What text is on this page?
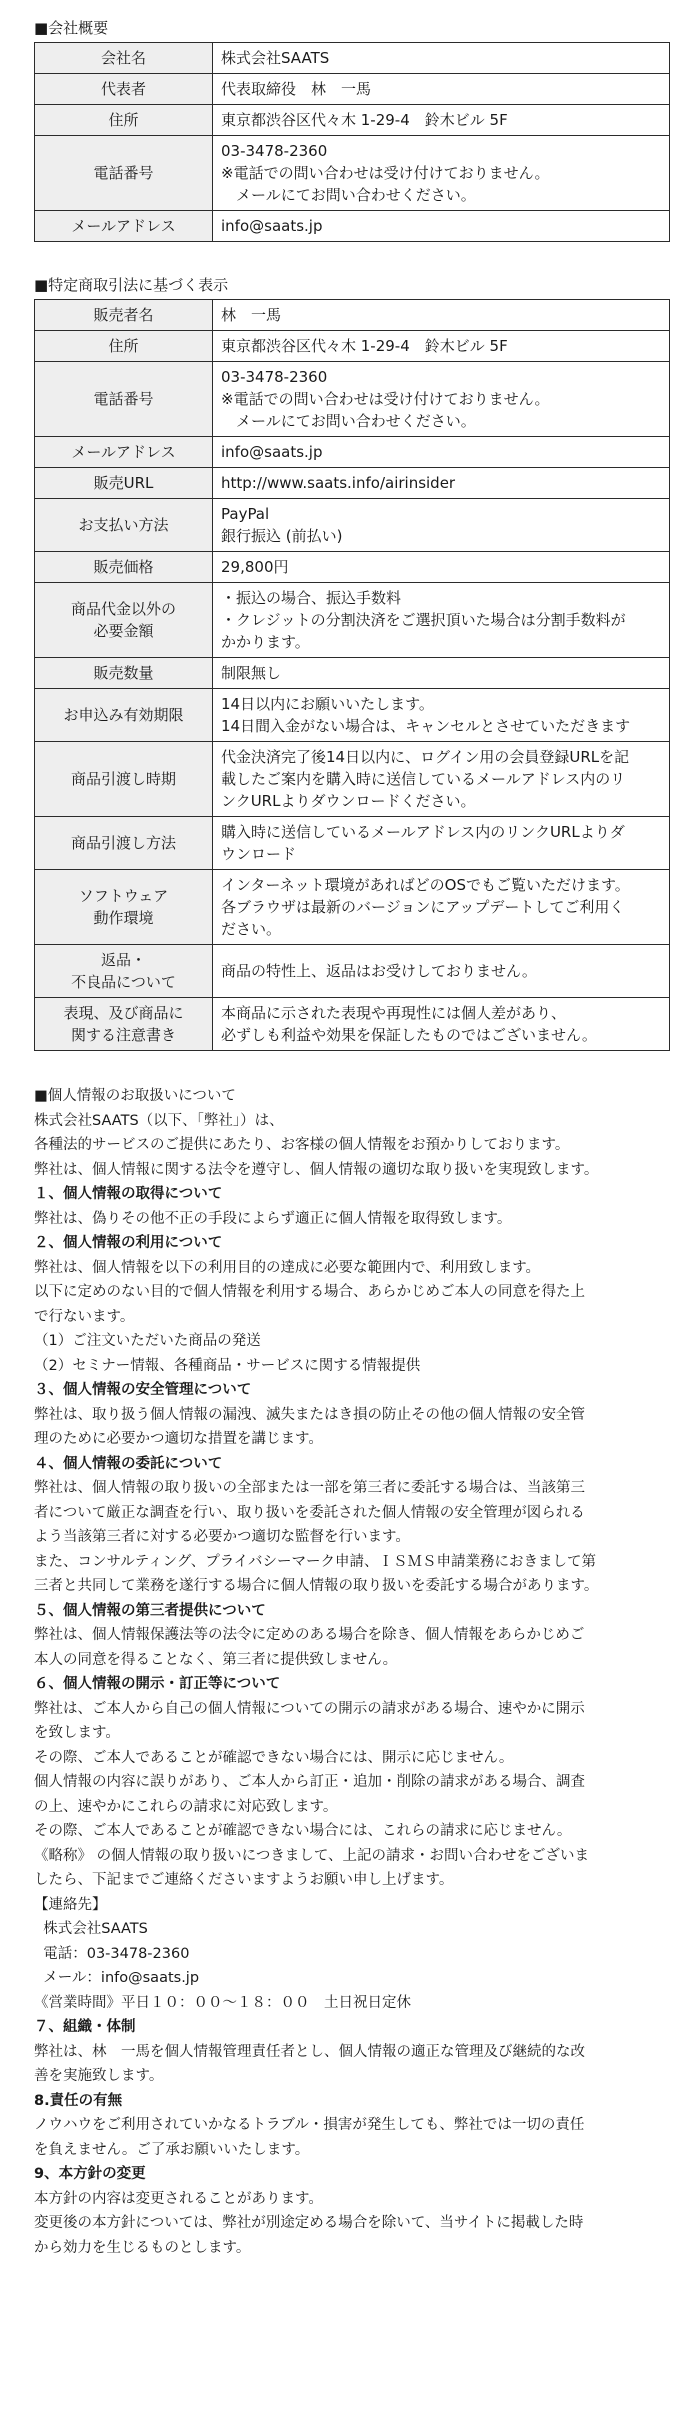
■会社概要
会社名	株式会社SAATS
代表者	代表取締役　林　一馬
住所	東京都渋谷区代々木 1-29-4　鈴木ビル 5F
電話番号	03-3478-2360
※電話での問い合わせは受け付けておりません。
　メールにてお問い合わせください。
メールアドレス	info@saats.jp
■特定商取引法に基づく表示
販売者名	林　一馬
住所	東京都渋谷区代々木 1-29-4　鈴木ビル 5F
電話番号	03-3478-2360
※電話での問い合わせは受け付けておりません。
　メールにてお問い合わせください。
メールアドレス	info@saats.jp
販売URL	http://www.saats.info/airinsider
お支払い方法	PayPal
銀行振込 (前払い)
販売価格	29,800円
商品代金以外の
必要金額	・振込の場合、振込手数料
・クレジットの分割決済をご選択頂いた場合は分割手数料が
かかります。
販売数量	制限無し
お申込み有効期限	14日以内にお願いいたします。
14日間入金がない場合は、キャンセルとさせていただきます
商品引渡し時期	代金決済完了後14日以内に、ログイン用の会員登録URLを記
載したご案内を購入時に送信しているメールアドレス内のリ
ンクURLよりダウンロードください。
商品引渡し方法	購入時に送信しているメールアドレス内のリンクURLよりダ
ウンロード
ソフトウェア
動作環境	インターネット環境があればどのOSでもご覧いただけます。
各ブラウザは最新のバージョンにアップデートしてご利用く
ださい。
返品・
不良品について	商品の特性上、返品はお受けしておりません。
表現、及び商品に
関する注意書き	本商品に示された表現や再現性には個人差があり、
必ずしも利益や効果を保証したものではございません。
■個人情報のお取扱いについて
株式会社SAATS（以下、「弊社」）は、
各種法的サービスのご提供にあたり、お客様の個人情報をお預かりしております。
弊社は、個人情報に関する法令を遵守し、個人情報の適切な取り扱いを実現致します。
１、個人情報の取得について
弊社は、偽りその他不正の手段によらず適正に個人情報を取得致します。
２、個人情報の利用について
弊社は、個人情報を以下の利用目的の達成に必要な範囲内で、利用致します。
以下に定めのない目的で個人情報を利用する場合、あらかじめご本人の同意を得た上
で行ないます。
（1）ご注文いただいた商品の発送
（2）セミナー情報、各種商品・サービスに関する情報提供
３、個人情報の安全管理について
弊社は、取り扱う個人情報の漏洩、滅失またはき損の防止その他の個人情報の安全管
理のために必要かつ適切な措置を講じます。
４、個人情報の委託について
弊社は、個人情報の取り扱いの全部または一部を第三者に委託する場合は、当該第三
者について厳正な調査を行い、取り扱いを委託された個人情報の安全管理が図られる
よう当該第三者に対する必要かつ適切な監督を行います。
また、コンサルティング、プライバシーマーク申請、ＩＳＭＳ申請業務におきまして第
三者と共同して業務を遂行する場合に個人情報の取り扱いを委託する場合があります。
５、個人情報の第三者提供について
弊社は、個人情報保護法等の法令に定めのある場合を除き、個人情報をあらかじめご
本人の同意を得ることなく、第三者に提供致しません。
６、個人情報の開示・訂正等について
弊社は、ご本人から自己の個人情報についての開示の請求がある場合、速やかに開示
を致します。
その際、ご本人であることが確認できない場合には、開示に応じません。
個人情報の内容に誤りがあり、ご本人から訂正・追加・削除の請求がある場合、調査
の上、速やかにこれらの請求に対応致します。
その際、ご本人であることが確認できない場合には、これらの請求に応じません。
《略称》 の個人情報の取り扱いにつきまして、上記の請求・お問い合わせをございま
したら、下記までご連絡くださいますようお願い申し上げます。
【連絡先】
株式会社SAATS
電話：03-3478-2360
メール：info@saats.jp
《営業時間》平日１０：００〜１８：００　土日祝日定休
７、組織・体制
弊社は、林　一馬を個人情報管理責任者とし、個人情報の適正な管理及び継続的な改
善を実施致します。
8.責任の有無
ノウハウをご利用されていかなるトラブル・損害が発生しても、弊社では一切の責任
を負えません。ご了承お願いいたします。
9、本方針の変更
本方針の内容は変更されることがあります。
変更後の本方針については、弊社が別途定める場合を除いて、当サイトに掲載した時
から効力を生じるものとします。
